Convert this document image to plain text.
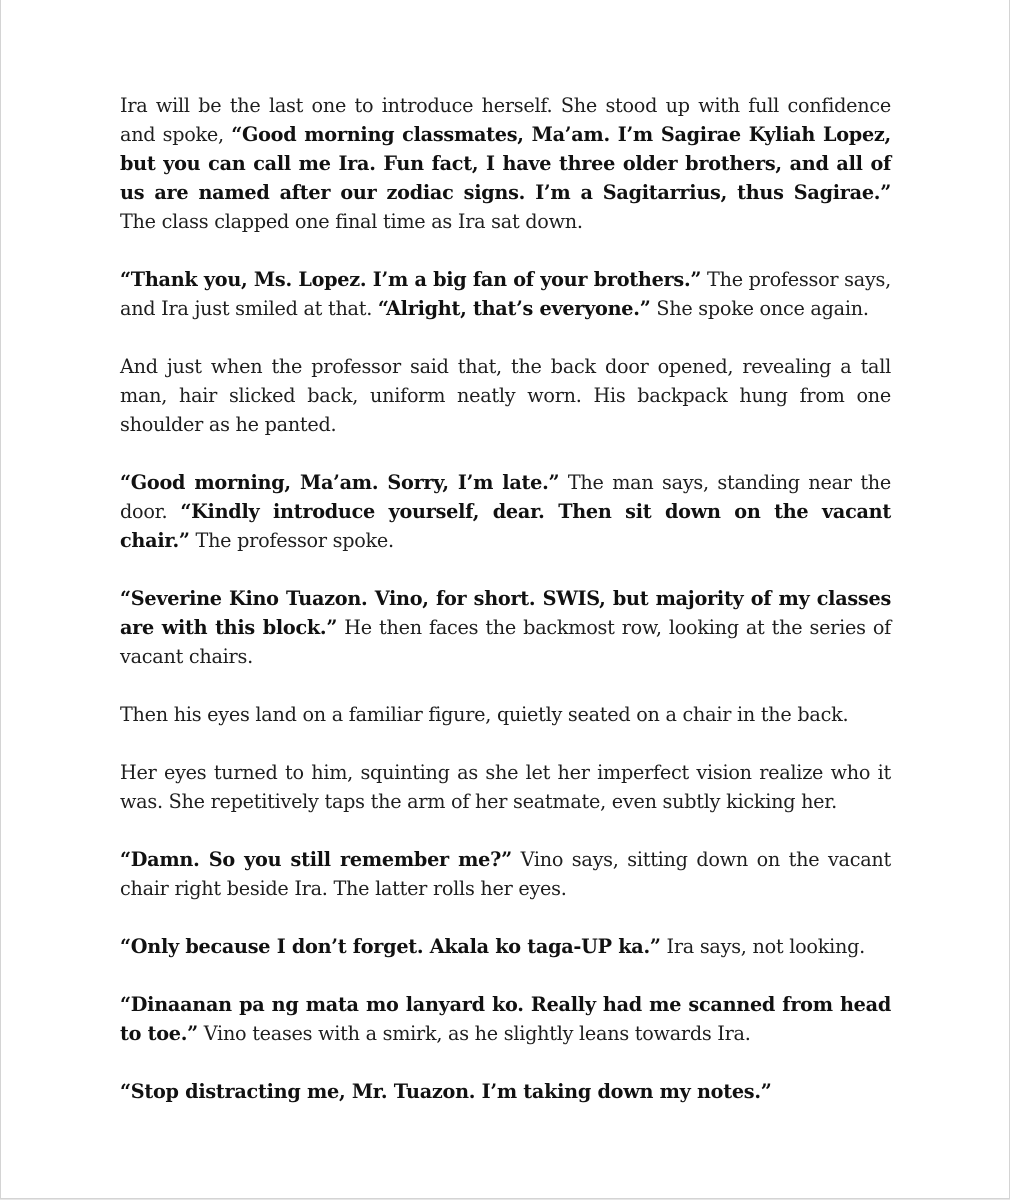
Ira will be the last one to introduce herself. She stood up with full confidence and spoke, “Good morning classmates, Ma’am. I’m Sagirae Kyliah Lopez, but you can call me Ira. Fun fact, I have three older brothers, and all of us are named after our zodiac signs. I’m a Sagitarrius, thus Sagirae.” The class clapped one final time as Ira sat down.

“Thank you, Ms. Lopez. I’m a big fan of your brothers.” The professor says, and Ira just smiled at that. “Alright, that’s everyone.” She spoke once again.

And just when the professor said that, the back door opened, revealing a tall man, hair slicked back, uniform neatly worn. His backpack hung from one shoulder as he panted.

“Good morning, Ma’am. Sorry, I’m late.” The man says, standing near the door. “Kindly introduce yourself, dear. Then sit down on the vacant chair.” The professor spoke.

“Severine Kino Tuazon. Vino, for short. SWIS, but majority of my classes are with this block.” He then faces the backmost row, looking at the series of vacant chairs.

Then his eyes land on a familiar figure, quietly seated on a chair in the back.

Her eyes turned to him, squinting as she let her imperfect vision realize who it was. She repetitively taps the arm of her seatmate, even subtly kicking her.

“Damn. So you still remember me?” Vino says, sitting down on the vacant chair right beside Ira. The latter rolls her eyes.

“Only because I don’t forget. Akala ko taga-UP ka.” Ira says, not looking.

“Dinaanan pa ng mata mo lanyard ko. Really had me scanned from head to toe.” Vino teases with a smirk, as he slightly leans towards Ira.

“Stop distracting me, Mr. Tuazon. I’m taking down my notes.”
